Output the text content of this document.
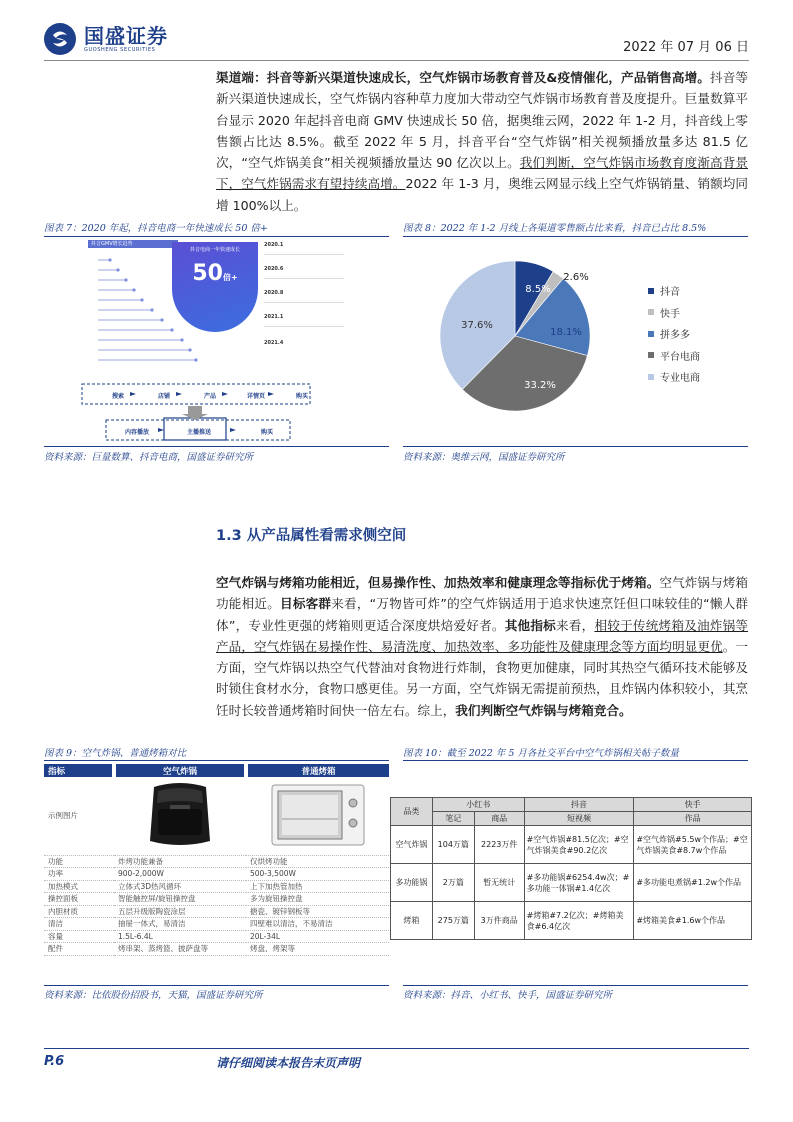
国盛证券
GUOSHENG SECURITIES	2022 年 07 月 06 日
渠道端：抖音等新兴渠道快速成长，空气炸锅市场教育普及&疫情催化，产品销售高增。抖音等新兴渠道快速成长，空气炸锅内容种草力度加大带动空气炸锅市场教育普及度提升。巨量数算平台显示 2020 年起抖音电商 GMV 快速成长 50 倍，据奥维云网，2022 年 1-2 月，抖音线上零售额占比达 8.5%。截至 2022 年 5 月，抖音平台“空气炸锅”相关视频播放量多达 81.5 亿次，“空气炸锅美食”相关视频播放量达 90 亿次以上。我们判断，空气炸锅市场教育度渐高背景下，空气炸锅需求有望持续高增。2022 年 1-3 月，奥维云网显示线上空气炸锅销量、销额均同增 100%以上。
图表 7：2020 年起，抖音电商一年快速成长 50 倍+
抖音GMV增长趋势
抖音电商一年快速成长
50倍+
2020.1
2020.6
2020.8
2021.1
2021.4
搜索	店铺	产品	详情页	购买
内容播放	主播推送	购买
资料来源：巨量数算、抖音电商，国盛证券研究所
图表 8：2022 年 1-2 月线上各渠道零售额占比来看，抖音已占比 8.5%
8.5%
2.6%
18.1%
33.2%
37.6%
抖音
快手
拼多多
平台电商
专业电商
资料来源：奥维云网，国盛证券研究所
1.3 从产品属性看需求侧空间
空气炸锅与烤箱功能相近，但易操作性、加热效率和健康理念等指标优于烤箱。空气炸锅与烤箱功能相近。目标客群来看，“万物皆可炸”的空气炸锅适用于追求快速烹饪但口味较佳的“懒人群体”，专业性更强的烤箱则更适合深度烘焙爱好者。其他指标来看，相较于传统烤箱及油炸锅等产品，空气炸锅在易操作性、易清洗度、加热效率、多功能性及健康理念等方面均明显更优。一方面，空气炸锅以热空气代替油对食物进行炸制，食物更加健康，同时其热空气循环技术能够及时锁住食材水分，食物口感更佳。另一方面，空气炸锅无需提前预热，且炸锅内体积较小，其烹饪时长较普通烤箱时间快一倍左右。综上，我们判断空气炸锅与烤箱竞合。
图表 9：空气炸锅、普通烤箱对比
指标	空气炸锅	普通烤箱
示例图片		
功能	炸烤功能兼备	仅烘烤功能
功率	900-2,000W	500-3,500W
加热模式	立体式3D热风循环	上下加热管加热
操控面板	智能触控屏/旋钮操控盘	多为旋钮操控盘
内胆材质	五层升级版陶瓷涂层	搪瓷、镀锌钢板等
清洁	抽屉一体式，易清洁	四壁难以清洁，不易清洁
容量	1.5L-6.4L	20L-34L
配件	烤串架、蒸烤篮、披萨盘等	烤盘、烤架等
资料来源：比依股份招股书，天猫，国盛证券研究所
图表 10：截至 2022 年 5 月各社交平台中空气炸锅相关帖子数量
品类	小红书		抖音	快手
	笔记	商品	短视频	作品
空气炸锅	104万篇	2223万件	#空气炸锅#81.5亿次；#空气炸锅美食#90.2亿次	#空气炸锅#5.5w个作品；#空气炸锅美食#8.7w个作品
多功能锅	2万篇	暂无统计	#多功能锅#6254.4w次；#多功能一体锅#1.4亿次	#多功能电煮锅#1.2w个作品
烤箱	275万篇	3万件商品	#烤箱#7.2亿次；#烤箱美食#6.4亿次	#烤箱美食#1.6w个作品
资料来源：抖音、小红书、快手，国盛证券研究所
P.6	请仔细阅读本报告末页声明
